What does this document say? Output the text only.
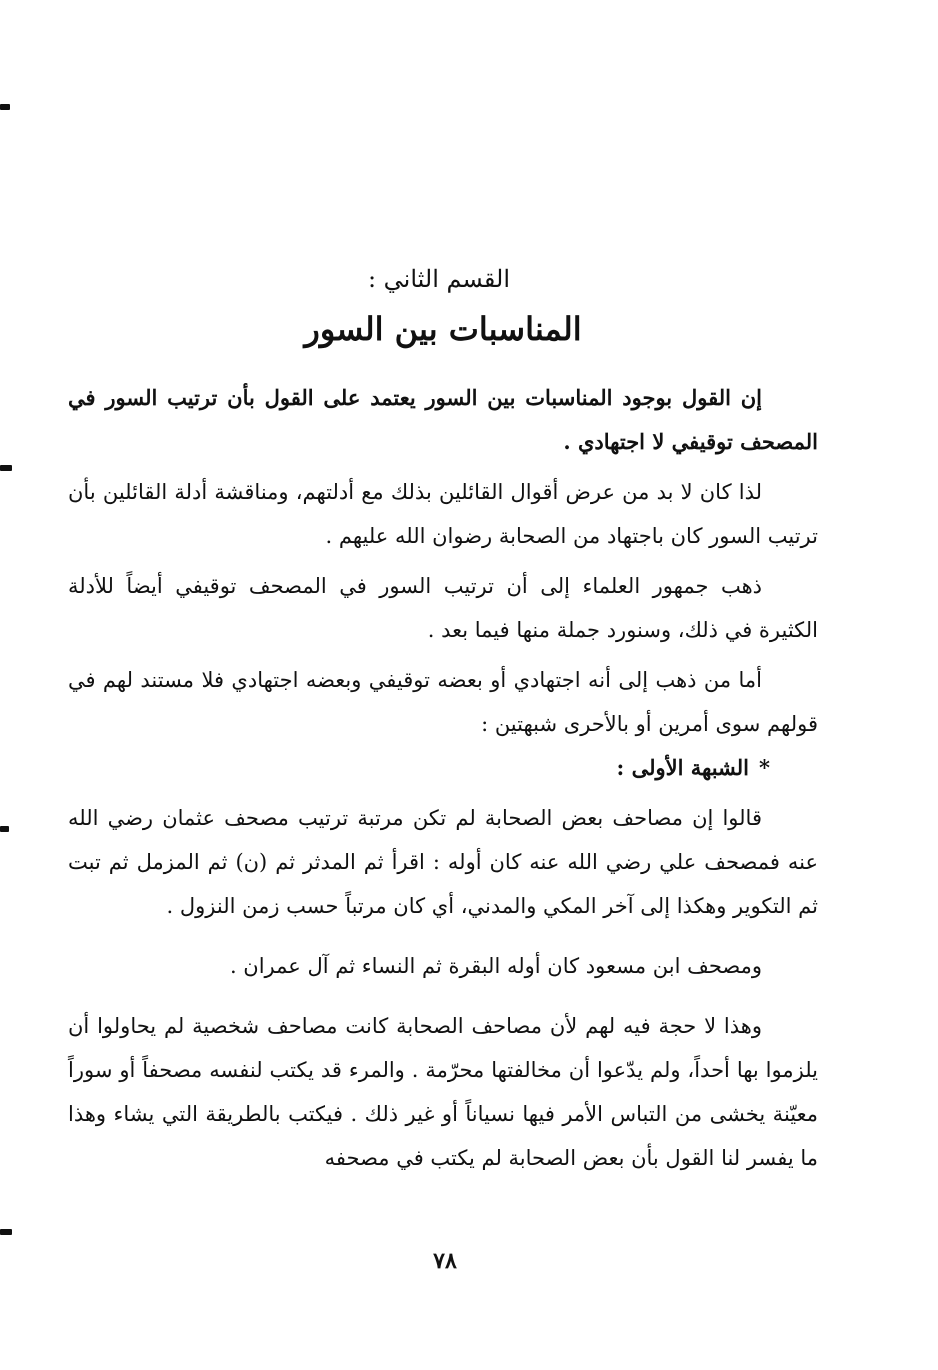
القسم الثاني :
المناسبات بين السور

إن القول بوجود المناسبات بين السور يعتمد على القول بأن ترتيب السور في المصحف توقيفي لا اجتهادي .

لذا كان لا بد من عرض أقوال القائلين بذلك مع أدلتهم، ومناقشة أدلة القائلين بأن ترتيب السور كان باجتهاد من الصحابة رضوان الله عليهم .

ذهب جمهور العلماء إلى أن ترتيب السور في المصحف توقيفي أيضاً للأدلة الكثيرة في ذلك، وسنورد جملة منها فيما بعد .

أما من ذهب إلى أنه اجتهادي أو بعضه توقيفي وبعضه اجتهادي فلا مستند لهم في قولهم سوى أمرين أو بالأحرى شبهتين :

*الشبهة الأولى :

قالوا إن مصاحف بعض الصحابة لم تكن مرتبة ترتيب مصحف عثمان رضي الله عنه فمصحف علي رضي الله عنه كان أوله : اقرأ ثم المدثر ثم (ن) ثم المزمل ثم تبت ثم التكوير وهكذا إلى آخر المكي والمدني، أي كان مرتباً حسب زمن النزول .

ومصحف ابن مسعود كان أوله البقرة ثم النساء ثم آل عمران .

وهذا لا حجة فيه لهم لأن مصاحف الصحابة كانت مصاحف شخصية لم يحاولوا أن يلزموا بها أحداً، ولم يدّعوا أن مخالفتها محرّمة . والمرء قد يكتب لنفسه مصحفاً أو سوراً معيّنة يخشى من التباس الأمر فيها نسياناً أو غير ذلك . فيكتب بالطريقة التي يشاء وهذا ما يفسر لنا القول بأن بعض الصحابة لم يكتب في مصحفه

٧٨
